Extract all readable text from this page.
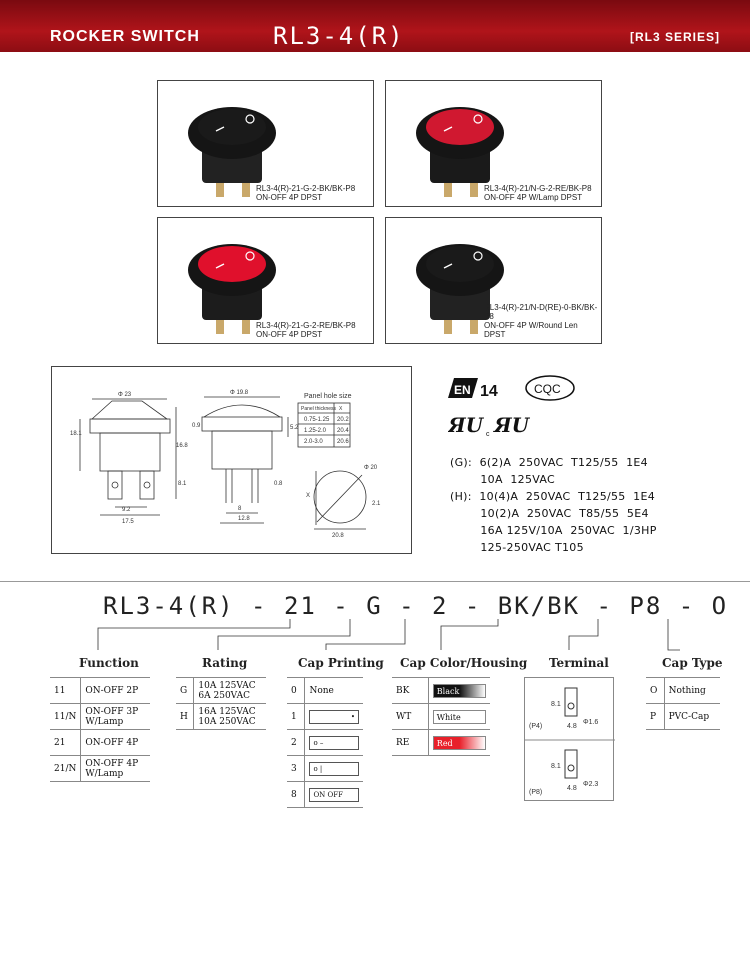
ROCKER SWITCH	RL3-4(R)	[RL3 SERIES]
RL3-4(R)-21-G-2-BK/BK-P8
ON-OFF 4P DPST
RL3-4(R)-21/N-G-2-RE/BK-P8
ON-OFF 4P W/Lamp DPST
RL3-4(R)-21-G-2-RE/BK-P8
ON-OFF 4P DPST
RL3-4(R)-21/N-D(RE)-0-BK/BK-P8
ON-OFF 4P W/Round Len DPST
Φ 23
18.1
16.8
8.1
9.2
17.5
Φ 19.8
0.9	5.2
8
12.8
0.8
Φ 20
2.1
20.8
X
Panel hole size
Panel thickness X
0.75-1.25 20.2
1.25-2.0 20.4
2.0-3.0 20.6
EN 14	CQC
ЯU c ЯU
(G):  6(2)A  250VAC  T125/55  1E4
10A  125VAC
(H):  10(4)A  250VAC  T125/55  1E4
10(2)A  250VAC  T85/55  5E4
16A 125V/10A  250VAC  1/3HP
125-250VAC T105
RL3-4(R) - 21 - G - 2 - BK/BK - P8 - O
Function	Rating	Cap Printing Cap Color/Housing Terminal	Cap Type
11	ON-OFF 2P
11/N	ON-OFF 3P W/Lamp
21	ON-OFF 4P
21/N	ON-OFF 4P W/Lamp
G	10A 125VAC
6A 250VAC

H	16A 125VAC
10A 250VAC
0	None
1	•

2	o –

3	o |

8	ON OFF
BK	Black

WT	White

RE	Red
8.1
4.8
Φ1.6
(P4)
8.1
4.8
Φ2.3
(P8)
O	Nothing
P	PVC-Cap
